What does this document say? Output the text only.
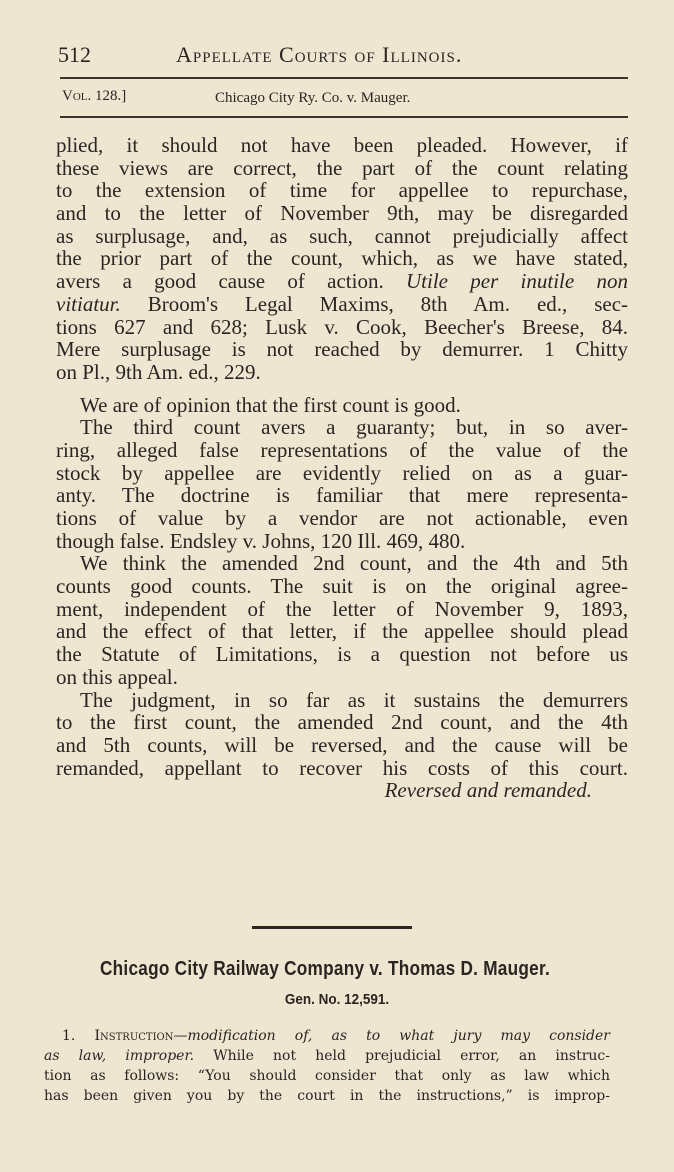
512	Appellate Courts of Illinois.
Vol. 128.]	Chicago City Ry. Co. v. Mauger.
plied, it should not have been pleaded. However, if
these views are correct, the part of the count relating
to the extension of time for appellee to repurchase,
and to the letter of November 9th, may be disregarded
as surplusage, and, as such, cannot prejudicially affect
the prior part of the count, which, as we have stated,
avers a good cause of action. Utile per inutile non
vitiatur. Broom's Legal Maxims, 8th Am. ed., sec-
tions 627 and 628; Lusk v. Cook, Beecher's Breese, 84.
Mere surplusage is not reached by demurrer. 1 Chitty
on Pl., 9th Am. ed., 229.
We are of opinion that the first count is good.
The third count avers a guaranty; but, in so aver-
ring, alleged false representations of the value of the
stock by appellee are evidently relied on as a guar-
anty. The doctrine is familiar that mere representa-
tions of value by a vendor are not actionable, even
though false. Endsley v. Johns, 120 Ill. 469, 480.
We think the amended 2nd count, and the 4th and 5th
counts good counts. The suit is on the original agree-
ment, independent of the letter of November 9, 1893,
and the effect of that letter, if the appellee should plead
the Statute of Limitations, is a question not before us
on this appeal.
The judgment, in so far as it sustains the demurrers
to the first count, the amended 2nd count, and the 4th
and 5th counts, will be reversed, and the cause will be
remanded, appellant to recover his costs of this court.
Reversed and remanded.
Chicago City Railway Company v. Thomas D. Mauger.
Gen. No. 12,591.
1. Instruction—modification of, as to what jury may consider
as law, improper. While not held prejudicial error, an instruc-
tion as follows: “You should consider that only as law which
has been given you by the court in the instructions,” is improp-
